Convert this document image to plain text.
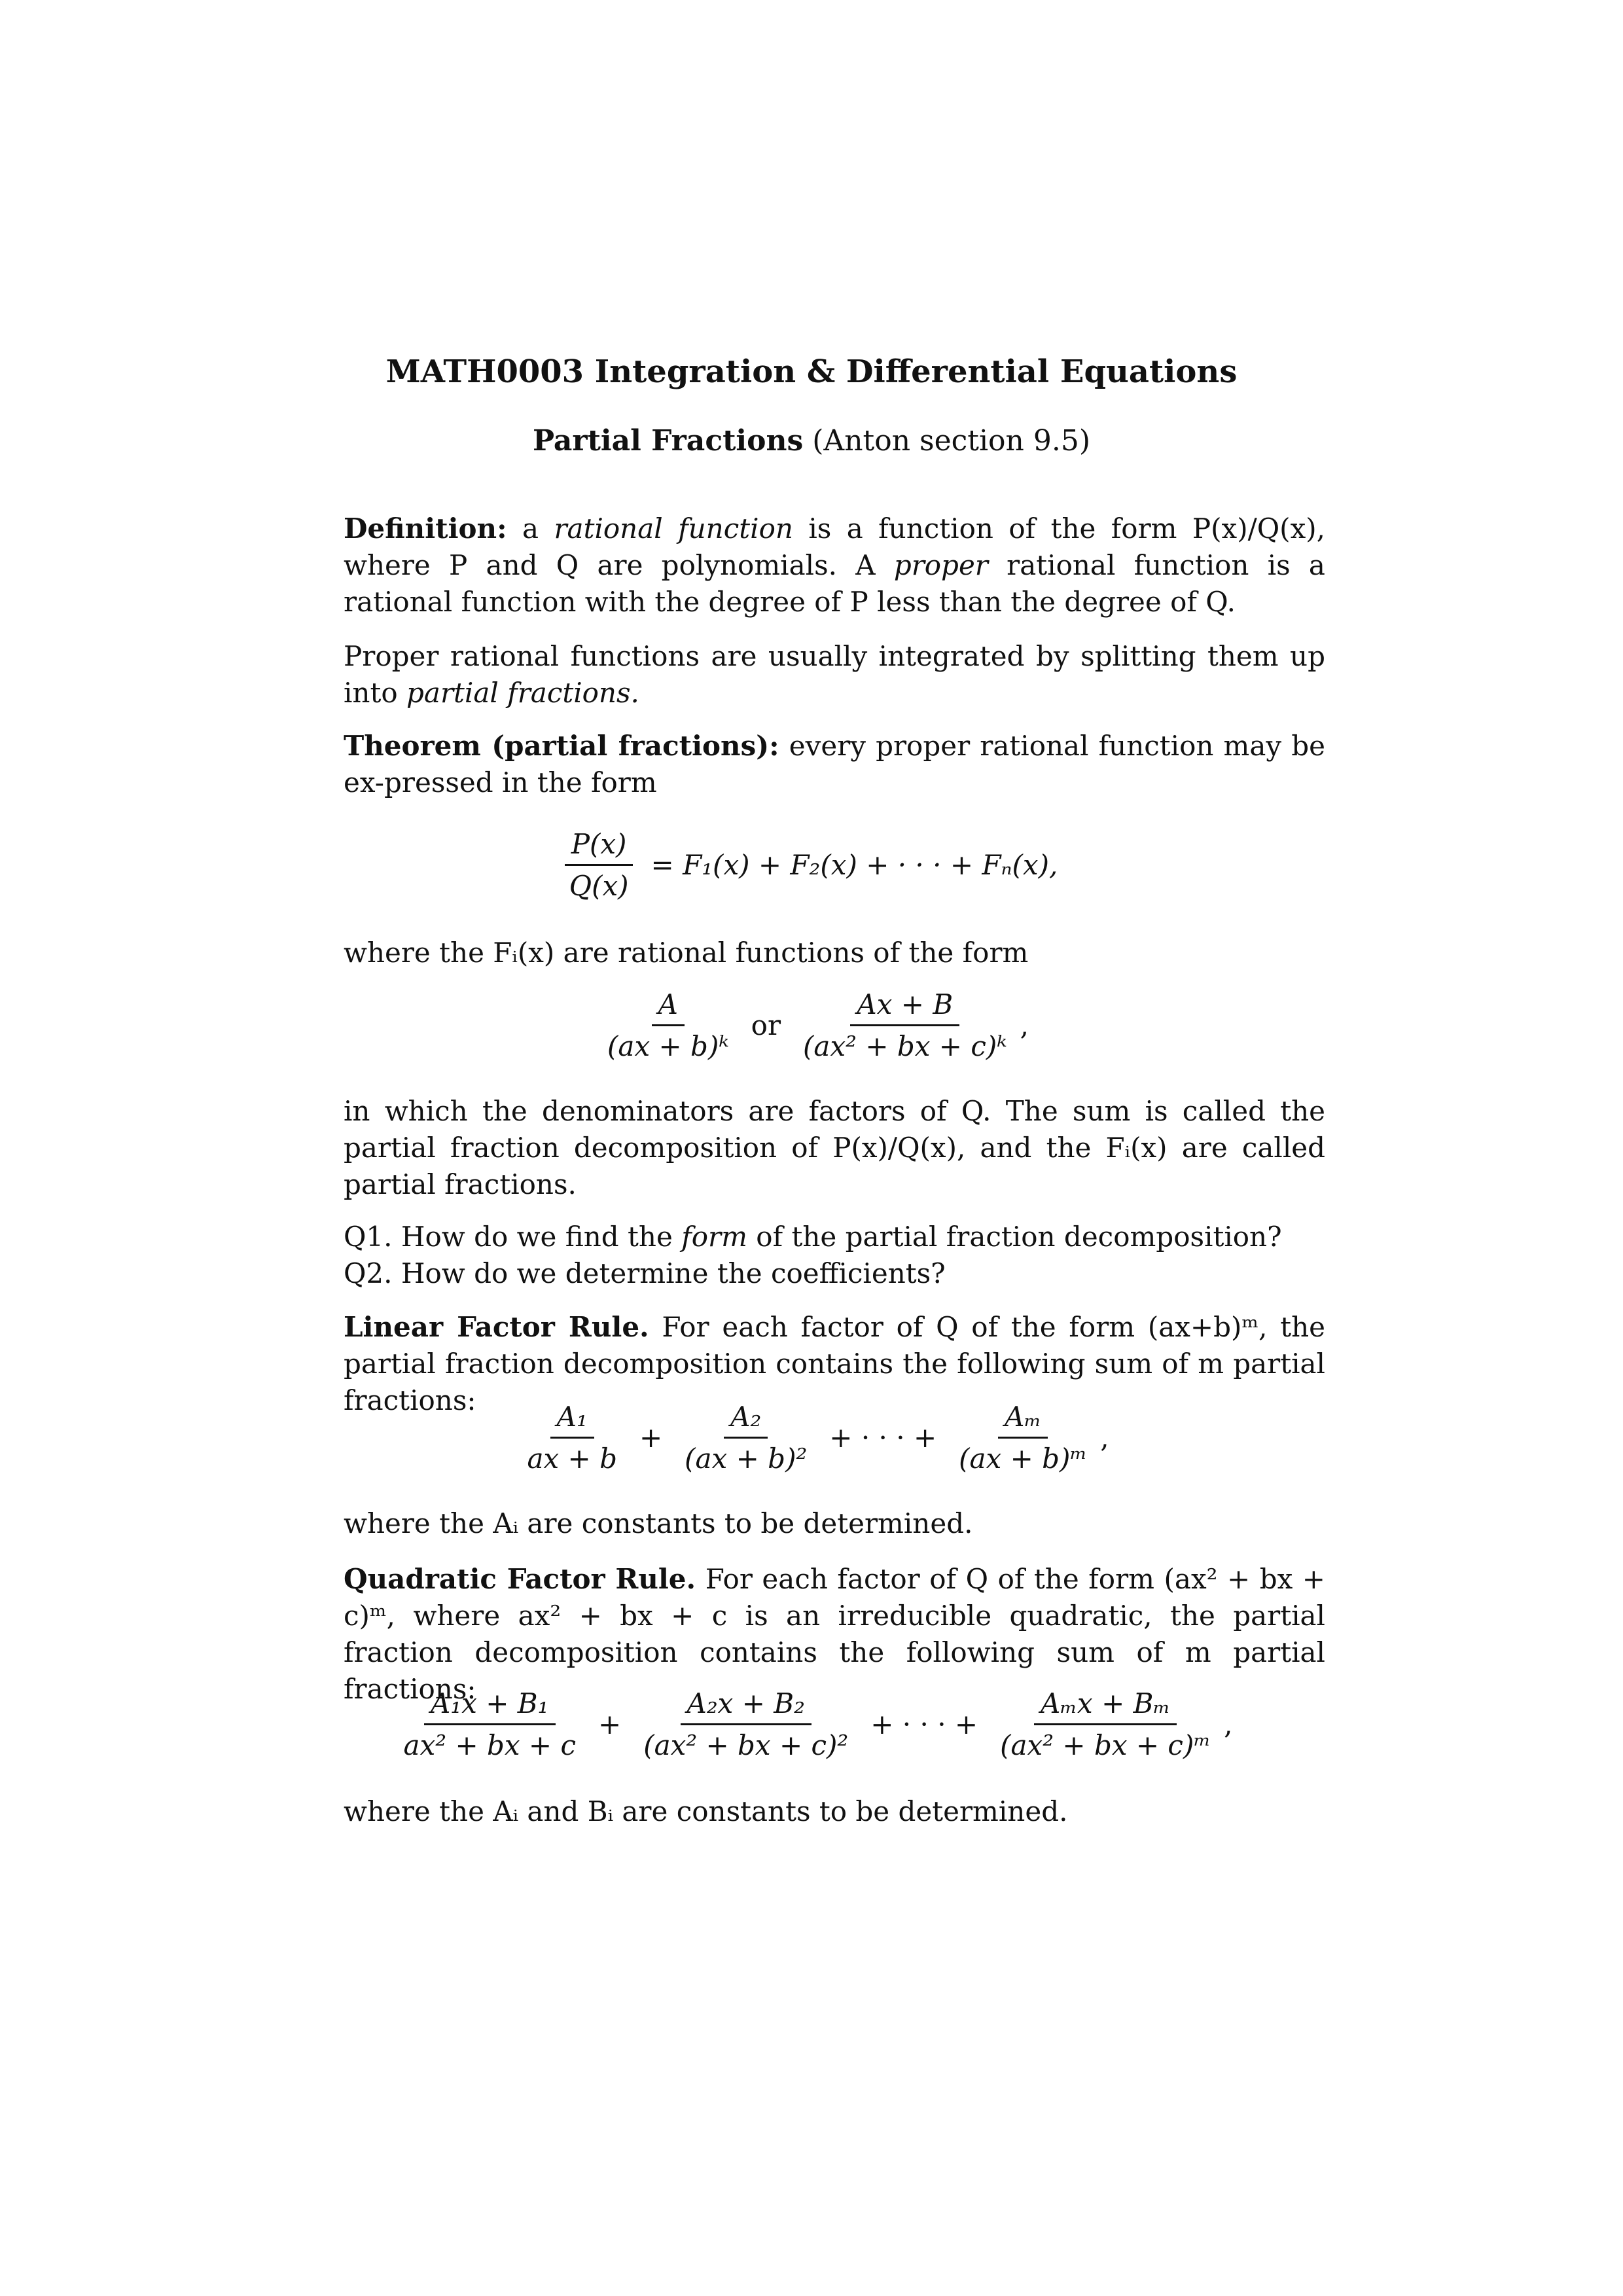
MATH0003 Integration & Differential Equations
Partial Fractions (Anton section 9.5)

Definition: a rational function is a function of the form P(x)/Q(x), where P and Q are polynomials. A proper rational function is a rational function with the degree of P less than the degree of Q.

Proper rational functions are usually integrated by splitting them up into partial fractions.

Theorem (partial fractions): every proper rational function may be ex-pressed in the form

$\frac{P(x)}{Q(x)} = F_1(x) + F_2(x)$ + · · · + Fₙ(x),

where the Fᵢ(x) are rational functions of the form

$\frac{A}{\text{(ax + b)ᵏ}}$ or $\frac{Ax + B}{\text{(ax² + bx + c)ᵏ}}$ ,

in which the denominators are factors of Q. The sum is called the partial fraction decomposition of P(x)/Q(x), and the Fᵢ(x) are called partial fractions.

Q1. How do we find the form of the partial fraction decomposition?
Q2. How do we determine the coefficients?

Linear Factor Rule. For each factor of Q of the form (ax+b)ᵐ, the partial fraction decomposition contains the following sum of m partial fractions:

$\frac{\text{A₁}}{ax + b} + \frac{\text{A₂}}{\text{(ax + b)²}}$ + · · · + $\frac{\text{Aₘ}}{\text{(ax + b)ᵐ}}$ ,

where the Aᵢ are constants to be determined.

Quadratic Factor Rule. For each factor of Q of the form (ax² + bx + c)ᵐ, where ax² + bx + c is an irreducible quadratic, the partial fraction decomposition contains the following sum of m partial fractions:

$\frac{\text{A₁x + B₁}}{\text{ax² + bx + c}} + \frac{\text{A₂x + B₂}}{\text{(ax² + bx + c)²}}$ + · · · + $\frac{\text{Aₘx + Bₘ}}{\text{(ax² + bx + c)ᵐ}}$ ,

where the Aᵢ and Bᵢ are constants to be determined.
